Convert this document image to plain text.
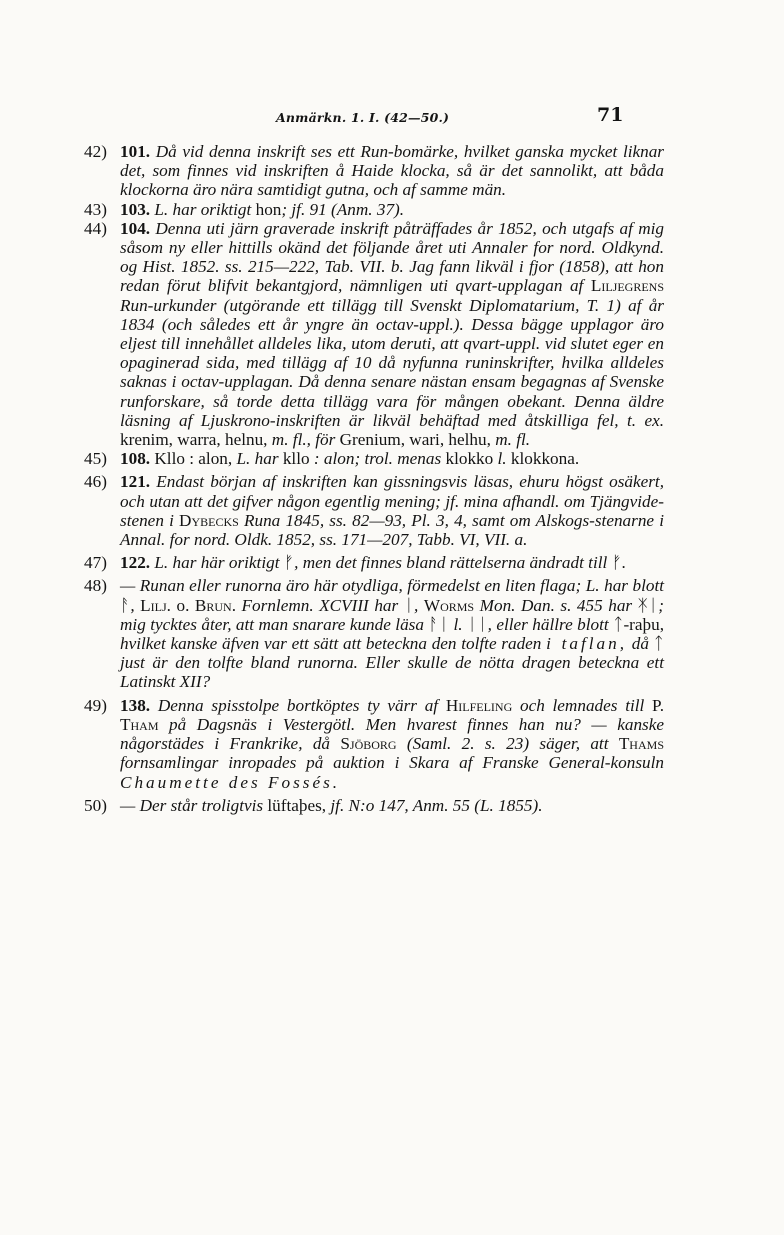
Anmärkn. 1. I. (42—50.)	71
42) 101. Då vid denna inskrift ses ett Run-bomärke, hvilket ganska mycket liknar det, som finnes vid inskriften å Haide klocka, så är det sannolikt, att båda klockorna äro nära samtidigt gutna, och af samme män.
43) 103. L. har oriktigt hon; jf. 91 (Anm. 37).
44) 104. Denna uti järn graverade inskrift påträffades år 1852, och utgafs af mig såsom ny eller hittills okänd det följande året uti Annaler for nord. Oldkynd. og Hist. 1852. ss. 215—222, Tab. VII. b. Jag fann likväl i fjor (1858), att hon redan förut blifvit bekantgjord, nämnligen uti qvart-upplagan af Liljegrens Run-urkunder (utgörande ett tillägg till Svenskt Diplomatarium, T. 1) af år 1834 (och således ett år yngre än octav-uppl.). Dessa bägge upplagor äro eljest till innehållet alldeles lika, utom deruti, att qvart-uppl. vid slutet eger en opaginerad sida, med tillägg af 10 då nyfunna runinskrifter, hvilka alldeles saknas i octav-upplagan. Då denna senare nästan ensam begagnas af Svenske runforskare, så torde detta tillägg vara för mången obekant. Denna äldre läsning af Ljuskrono-inskriften är likväl behäftad med åtskilliga fel, t. ex. krenim, warra, helnu, m. fl., för Grenium, wari, helhu, m. fl.
45) 108. Kllo : alon, L. har kllo : alon; trol. menas klokko l. klokkona.
46) 121. Endast början af inskriften kan gissningsvis läsas, ehuru högst osäkert, och utan att det gifver någon egentlig mening; jf. mina afhandl. om Tjängvide-stenen i Dybecks Runa 1845, ss. 82—93, Pl. 3, 4, samt om Alskogs-stenarne i Annal. for nord. Oldk. 1852, ss. 171—207, Tabb. VI, VII. a.
47) 122. L. har här oriktigt ᚠ, men det finnes bland rättelserna ändradt till ᚠ.
48) — Runan eller runorna äro här otydliga, förmedelst en liten flaga; L. har blott ᚨ, Lilj. o. Brun. Fornlemn. XCVIII har ᛁ, Worms Mon. Dan. s. 455 har ᛡᛁ; mig tycktes åter, att man snarare kunde läsa ᚨᛁ l. ᛁᛁ, eller hällre blott ᛏ-raþu, hvilket kanske äfven var ett sätt att beteckna den tolfte raden i taflan, då ᛏ just är den tolfte bland runorna. Eller skulle de nötta dragen beteckna ett Latinskt XII?
49) 138. Denna spisstolpe bortköptes ty värr af Hilfeling och lemnades till P. Tham på Dagsnäs i Vestergötl. Men hvarest finnes han nu? — kanske någorstädes i Frankrike, då Sjöborg (Saml. 2. s. 23) säger, att Thams fornsamlingar inropades på auktion i Skara af Franske General-konsuln Chaumette des Fossés.
50) — Der står troligtvis lüftaþes, jf. N:o 147, Anm. 55 (L. 1855).
